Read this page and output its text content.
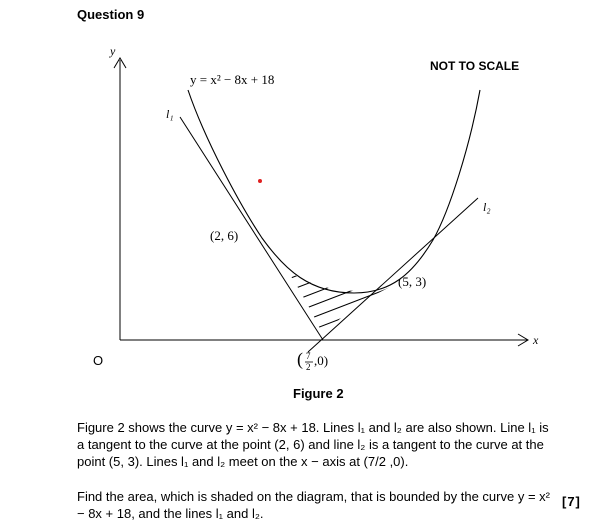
Question 9
y
x
O
y = x² − 8x + 18
l₁
l₂
(2, 6)
(5, 3)
( 7
2 ,0)
NOT TO SCALE
Figure 2
Figure 2 shows the curve y = x² − 8x + 18. Lines l₁ and l₂ are also shown. Line l₁ is a tangent to the curve at the point (2, 6) and line l₂ is a tangent to the curve at the point (5, 3). Lines l₁ and l₂ meet on the x − axis at (7/2 ,0).
Find the area, which is shaded on the diagram, that is bounded by the curve y = x² − 8x + 18, and the lines l₁ and l₂.
[7]
